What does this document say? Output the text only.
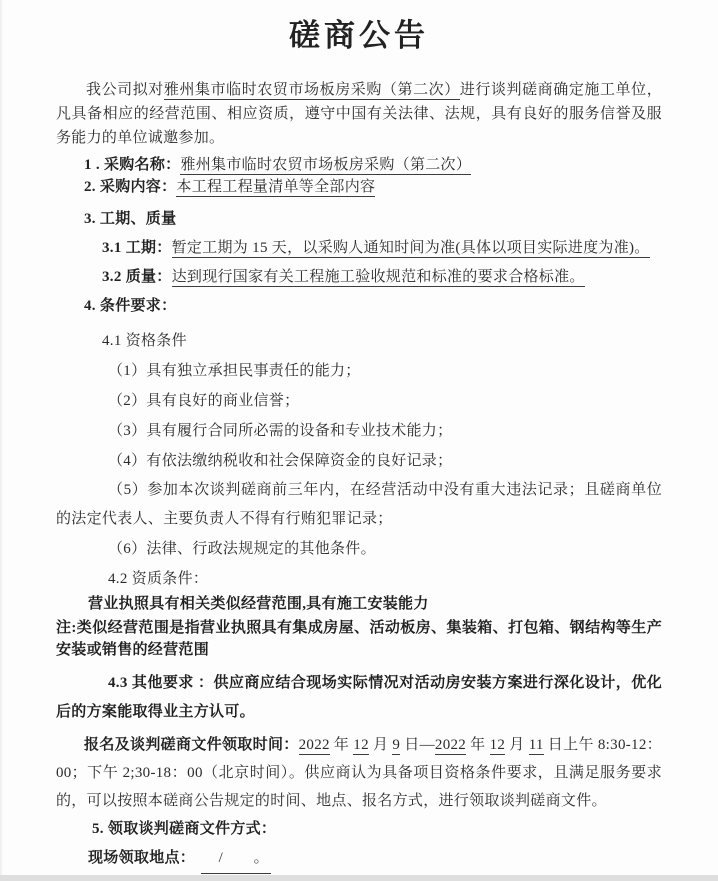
磋商公告

我公司拟对雅州集市临时农贸市场板房采购（第二次）进行谈判磋商确定施工单位，凡具备相应的经营范围、相应资质，遵守中国有关法律、法规，具有良好的服务信誉及服务能力的单位诚邀参加。

1 . 采购名称：雅州集市临时农贸市场板房采购（第二次）

2. 采购内容：本工程工程量清单等全部内容

3. 工期、质量

3.1 工期：暂定工期为 15 天，以采购人通知时间为准(具体以项目实际进度为准)。

3.2 质量：达到现行国家有关工程施工验收规范和标准的要求合格标准。

4. 条件要求：

4.1 资格条件

（1）具有独立承担民事责任的能力；

（2）具有良好的商业信誉；

（3）具有履行合同所必需的设备和专业技术能力；

（4）有依法缴纳税收和社会保障资金的良好记录；

（5）参加本次谈判磋商前三年内，在经营活动中没有重大违法记录；且磋商单位的法定代表人、主要负责人不得有行贿犯罪记录；

（6）法律、行政法规规定的其他条件。

4.2 资质条件：

营业执照具有相关类似经营范围,具有施工安装能力

注:类似经营范围是指营业执照具有集成房屋、活动板房、集装箱、打包箱、钢结构等生产安装或销售的经营范围

4.3 其他要求 ：供应商应结合现场实际情况对活动房安装方案进行深化设计，优化后的方案能取得业主方认可。

报名及谈判磋商文件领取时间：2022 年 12 月 9 日—2022 年 12 月 11 日上午 8:30-12：00；下午 2;30-18：00（北京时间）。供应商认为具备项目资格条件要求，且满足服务要求的，可以按照本磋商公告规定的时间、地点、报名方式，进行领取谈判磋商文件。

5. 领取谈判磋商文件方式：

现场领取地点：　/　　。
